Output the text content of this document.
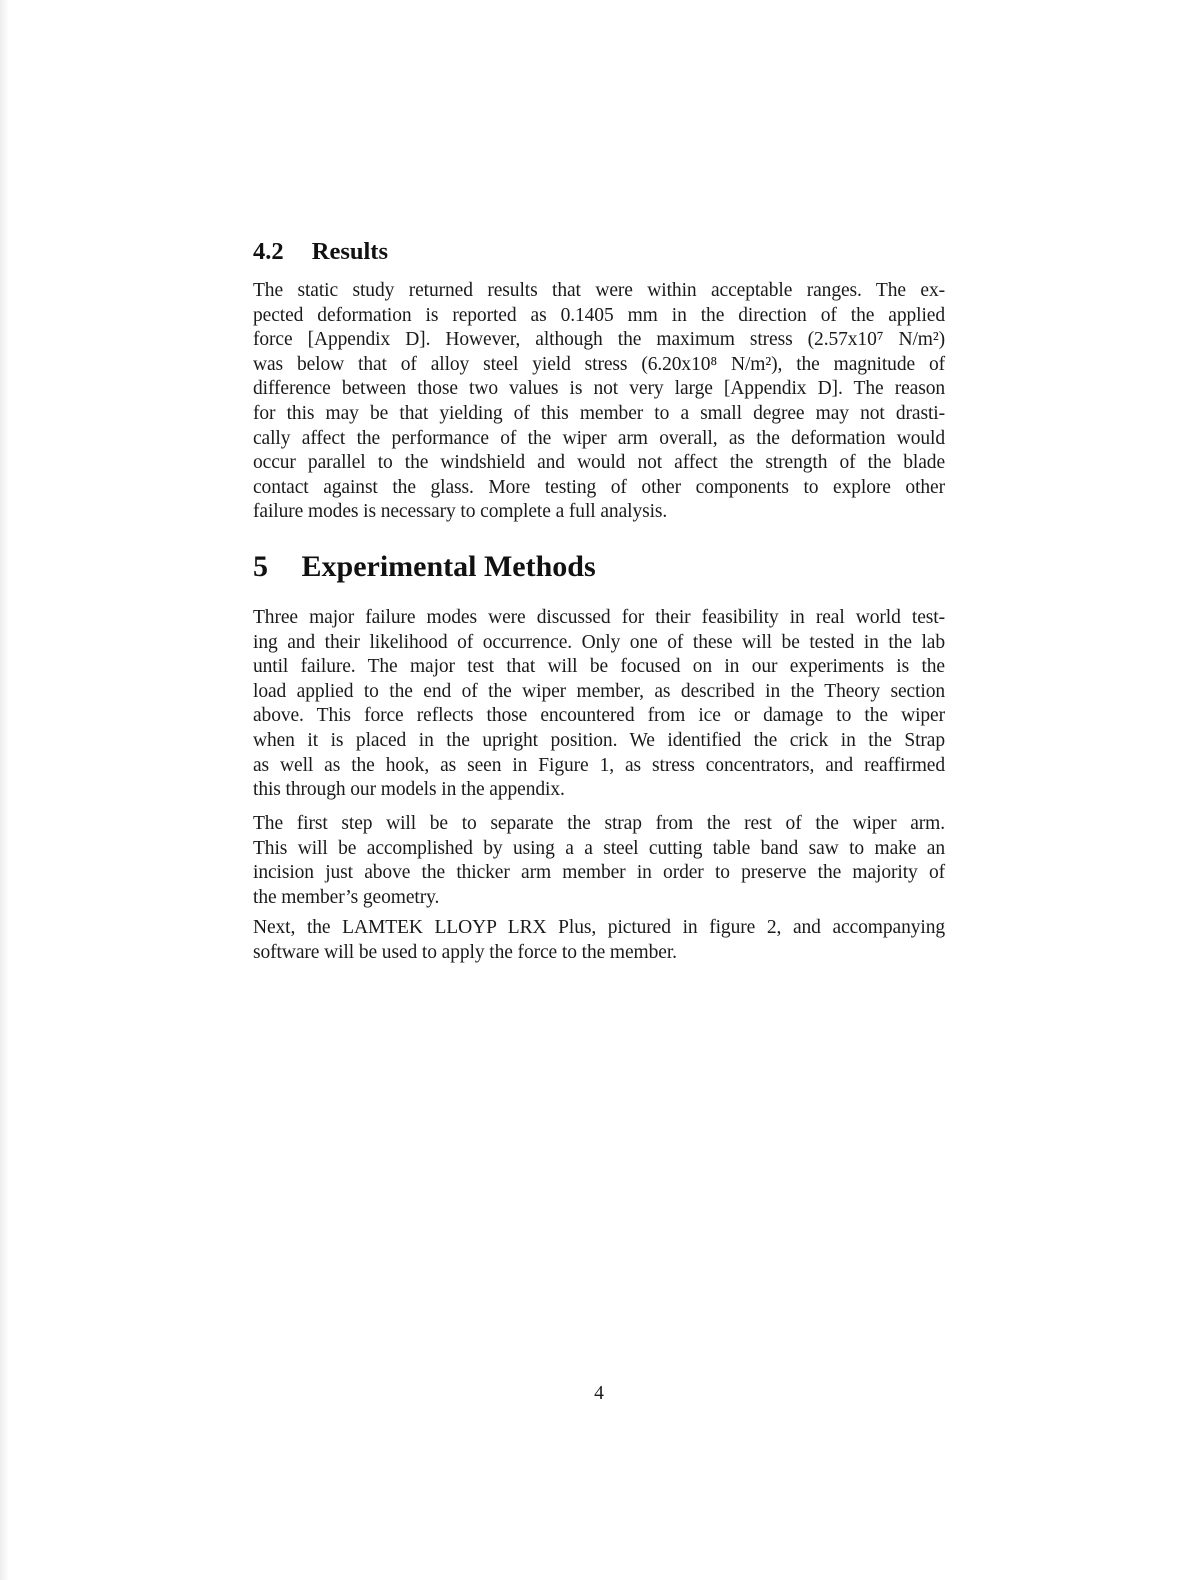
4.2 Results
The static study returned results that were within acceptable ranges. The ex-
pected deformation is reported as 0.1405 mm in the direction of the applied
force [Appendix D]. However, although the maximum stress (2.57x10⁷ N/m²)
was below that of alloy steel yield stress (6.20x10⁸ N/m²), the magnitude of
difference between those two values is not very large [Appendix D]. The reason
for this may be that yielding of this member to a small degree may not drasti-
cally affect the performance of the wiper arm overall, as the deformation would
occur parallel to the windshield and would not affect the strength of the blade
contact against the glass. More testing of other components to explore other
failure modes is necessary to complete a full analysis.
5 Experimental Methods
Three major failure modes were discussed for their feasibility in real world test-
ing and their likelihood of occurrence. Only one of these will be tested in the lab
until failure. The major test that will be focused on in our experiments is the
load applied to the end of the wiper member, as described in the Theory section
above. This force reflects those encountered from ice or damage to the wiper
when it is placed in the upright position. We identified the crick in the Strap
as well as the hook, as seen in Figure 1, as stress concentrators, and reaffirmed
this through our models in the appendix.
The first step will be to separate the strap from the rest of the wiper arm.
This will be accomplished by using a a steel cutting table band saw to make an
incision just above the thicker arm member in order to preserve the majority of
the member’s geometry.
Next, the LAMTEK LLOYP LRX Plus, pictured in figure 2, and accompanying
software will be used to apply the force to the member.
4
